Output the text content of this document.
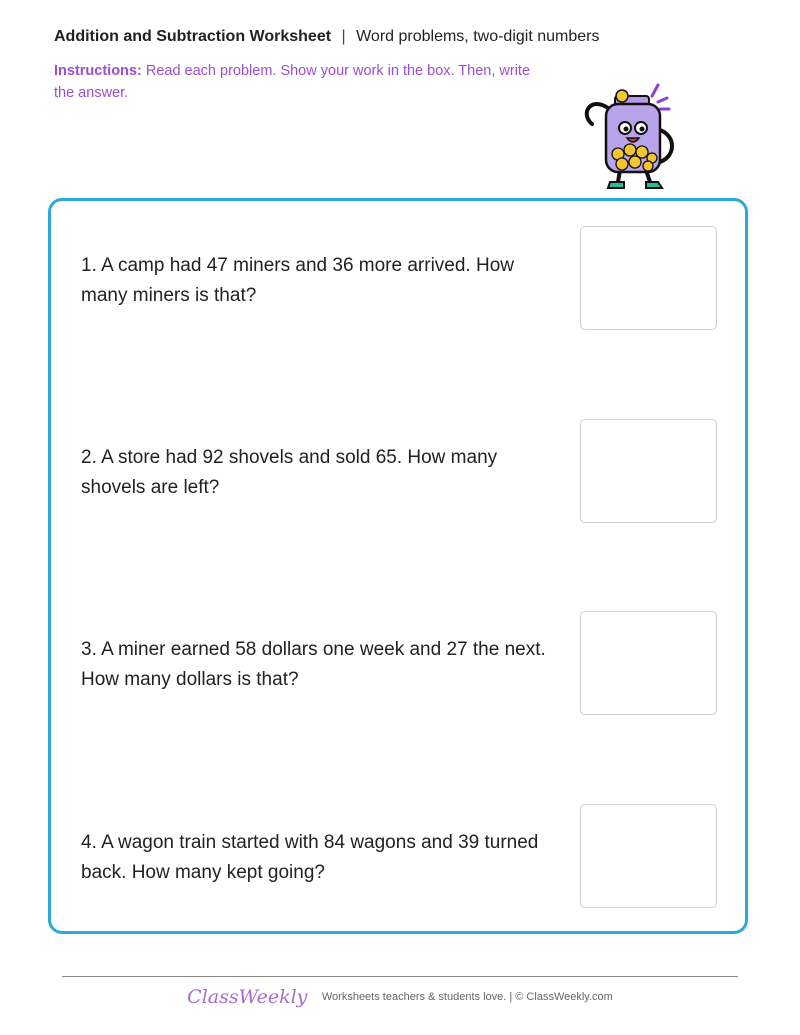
Addition and Subtraction Worksheet | Word problems, two-digit numbers
Instructions: Read each problem. Show your work in the box. Then, write the answer.
1. A camp had 47 miners and 36 more arrived. How many miners is that?
2. A store had 92 shovels and sold 65. How many shovels are left?
3. A miner earned 58 dollars one week and 27 the next. How many dollars is that?
4. A wagon train started with 84 wagons and 39 turned back. How many kept going?
ClassWeekly Worksheets teachers & students love. | © ClassWeekly.com
